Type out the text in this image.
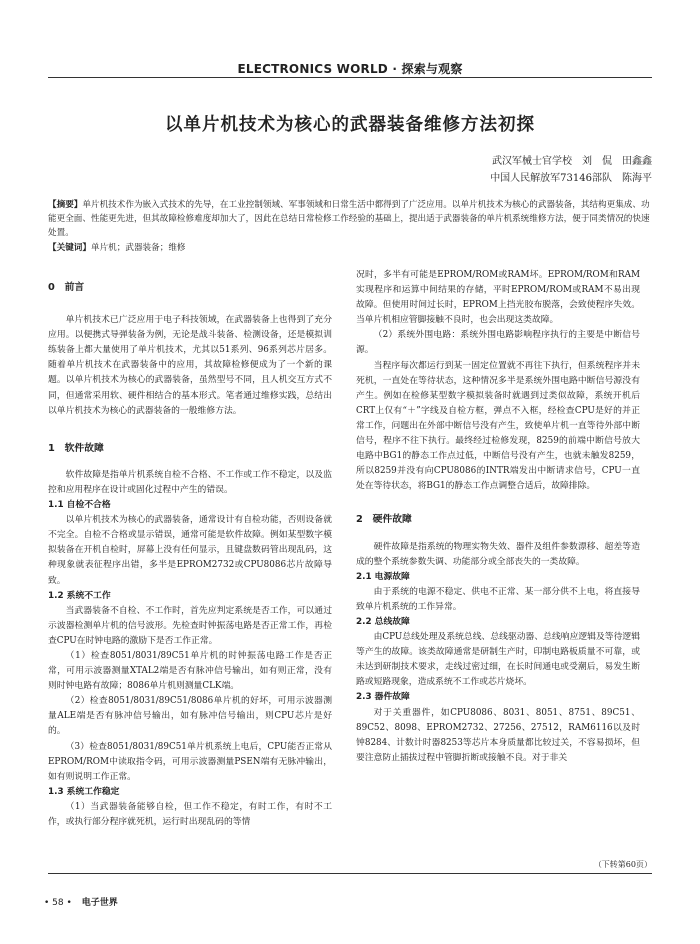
ELECTRONICS WORLD · 探索与观察
以单片机技术为核心的武器装备维修方法初探
武汉军械士官学校　刘　侃　田鑫鑫
中国人民解放军73146部队　陈海平

【摘要】单片机技术作为嵌入式技术的先导，在工业控制领域、军事领域和日常生活中都得到了广泛应用。以单片机技术为核心的武器装备，其结构更集成、功能更全面、性能更先进，但其故障检修难度却加大了，因此在总结日常检修工作经验的基础上，提出适于武器装备的单片机系统维修方法，便于同类情况的快速处置。

【关键词】单片机；武器装备；维修

0　前言

单片机技术已广泛应用于电子科技领域，在武器装备上也得到了充分应用。以便携式导弹装备为例，无论是战斗装备、检测设备，还是模拟训练装备上都大量使用了单片机技术，尤其以51系列、96系列芯片居多。随着单片机技术在武器装备中的应用，其故障检修便成为了一个新的课题。以单片机技术为核心的武器装备，虽然型号不同，且人机交互方式不同，但通常采用软、硬件相结合的基本形式。笔者通过维修实践，总结出以单片机技术为核心的武器装备的一般维修方法。

1　软件故障

软件故障是指单片机系统自检不合格、不工作或工作不稳定，以及监控和应用程序在设计或固化过程中产生的错误。

1.1 自检不合格

以单片机技术为核心的武器装备，通常设计有自检功能，否则设备就不完全。自检不合格或显示错误，通常可能是软件故障。例如某型数字模拟装备在开机自检时，屏幕上没有任何显示，且键盘数码管出现乱码，这种现象就表征程序出错，多半是EPROM2732或CPU8086芯片故障导致。

1.2 系统不工作

当武器装备不自检、不工作时，首先应判定系统是否工作，可以通过示波器检测单片机的信号波形。先检查时钟振荡电路是否正常工作，再检查CPU在时钟电路的激励下是否工作正常。

（1）检查8051/8031/89C51单片机的时钟振荡电路工作是否正常，可用示波器测量XTAL2端是否有脉冲信号输出，如有则正常，没有则时钟电路有故障；8086单片机则测量CLK端。

（2）检查8051/8031/89C51/8086单片机的好坏，可用示波器测量ALE端是否有脉冲信号输出，如有脉冲信号输出，则CPU芯片是好的。

（3）检查8051/8031/89C51单片机系统上电后，CPU能否正常从EPROM/ROM中读取指令码，可用示波器测量PSEN端有无脉冲输出，如有则说明工作正常。

1.3 系统工作稳定

（1）当武器装备能够自检，但工作不稳定，有时工作，有时不工作，或执行部分程序就死机，运行时出现乱码的等情

况时，多半有可能是EPROM/ROM或RAM坏。EPROM/ROM和RAM实现程序和运算中间结果的存储，平时EPROM/ROM或RAM不易出现故障。但使用时间过长时，EPROM上挡光胶布脱落，会致使程序失效。当单片机相应管脚接触不良时，也会出现这类故障。

（2）系统外围电路：系统外围电路影响程序执行的主要是中断信号源。

当程序每次都运行到某一固定位置就不再往下执行，但系统程序并未死机，一直处在等待状态，这种情况多半是系统外围电路中断信号源没有产生。例如在检修某型数字模拟装备时就遇到过类似故障，系统开机后CRT上仅有“＋”字线及自检方框，弹点不入框，经检查CPU是好的并正常工作，问题出在外部中断信号没有产生，致使单片机一直等待外部中断信号，程序不往下执行。最终经过检修发现，8259的前端中断信号放大电路中BG1的静态工作点过低，中断信号没有产生，也就未触发8259，所以8259并没有向CPU8086的INTR端发出中断请求信号，CPU一直处在等待状态，将BG1的静态工作点调整合适后，故障排除。

2　硬件故障

硬件故障是指系统的物理实物失效、器件及组件参数漂移、超差等造成的整个系统参数失调、功能部分或全部丧失的一类故障。

2.1 电源故障

由于系统的电源不稳定、供电不正常、某一部分供不上电，将直接导致单片机系统的工作异常。

2.2 总线故障

由CPU总线处理及系统总线、总线驱动器、总线响应逻辑及等待逻辑等产生的故障。该类故障通常是研制生产时，印制电路板质量不可靠，或未达到研制技术要求，走线过密过细，在长时间通电或受潮后，易发生断路或短路现象，造成系统不工作或芯片烧坏。

2.3 器件故障

对于关重器件，如CPU8086、8031、8051、8751、89C51、89C52、8098、EPROM2732、27256、27512，RAM6116以及时钟8284、计数计时器8253等芯片本身质量都比较过关，不容易损坏，但要注意防止插拔过程中管脚折断或接触不良。对于非关

（下转第60页）
• 58 • 电子世界
